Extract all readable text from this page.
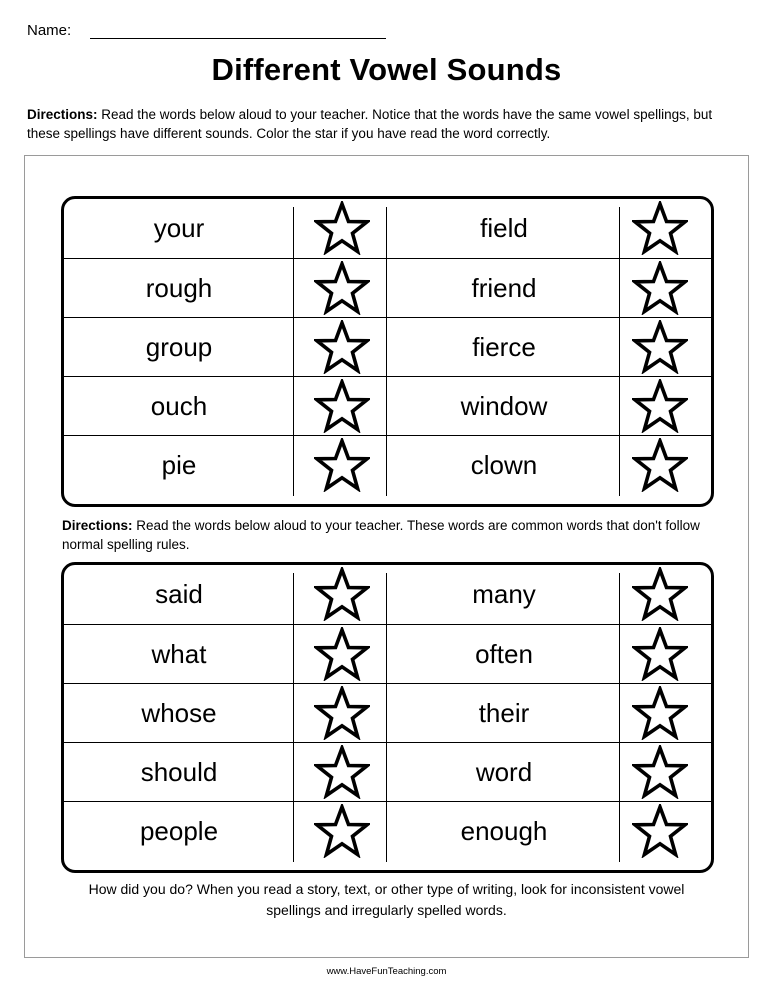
Name:
Different Vowel Sounds
Directions: Read the words below aloud to your teacher. Notice that the words have the same vowel spellings, but these spellings have different sounds. Color the star if you have read the word correctly.
your	field
rough	friend
group	fierce
ouch	window
pie	clown
Directions: Read the words below aloud to your teacher. These words are common words that don't follow normal spelling rules.
said	many
what	often
whose	their
should	word
people	enough
How did you do? When you read a story, text, or other type of writing, look for inconsistent vowel spellings and irregularly spelled words.
www.HaveFunTeaching.com
